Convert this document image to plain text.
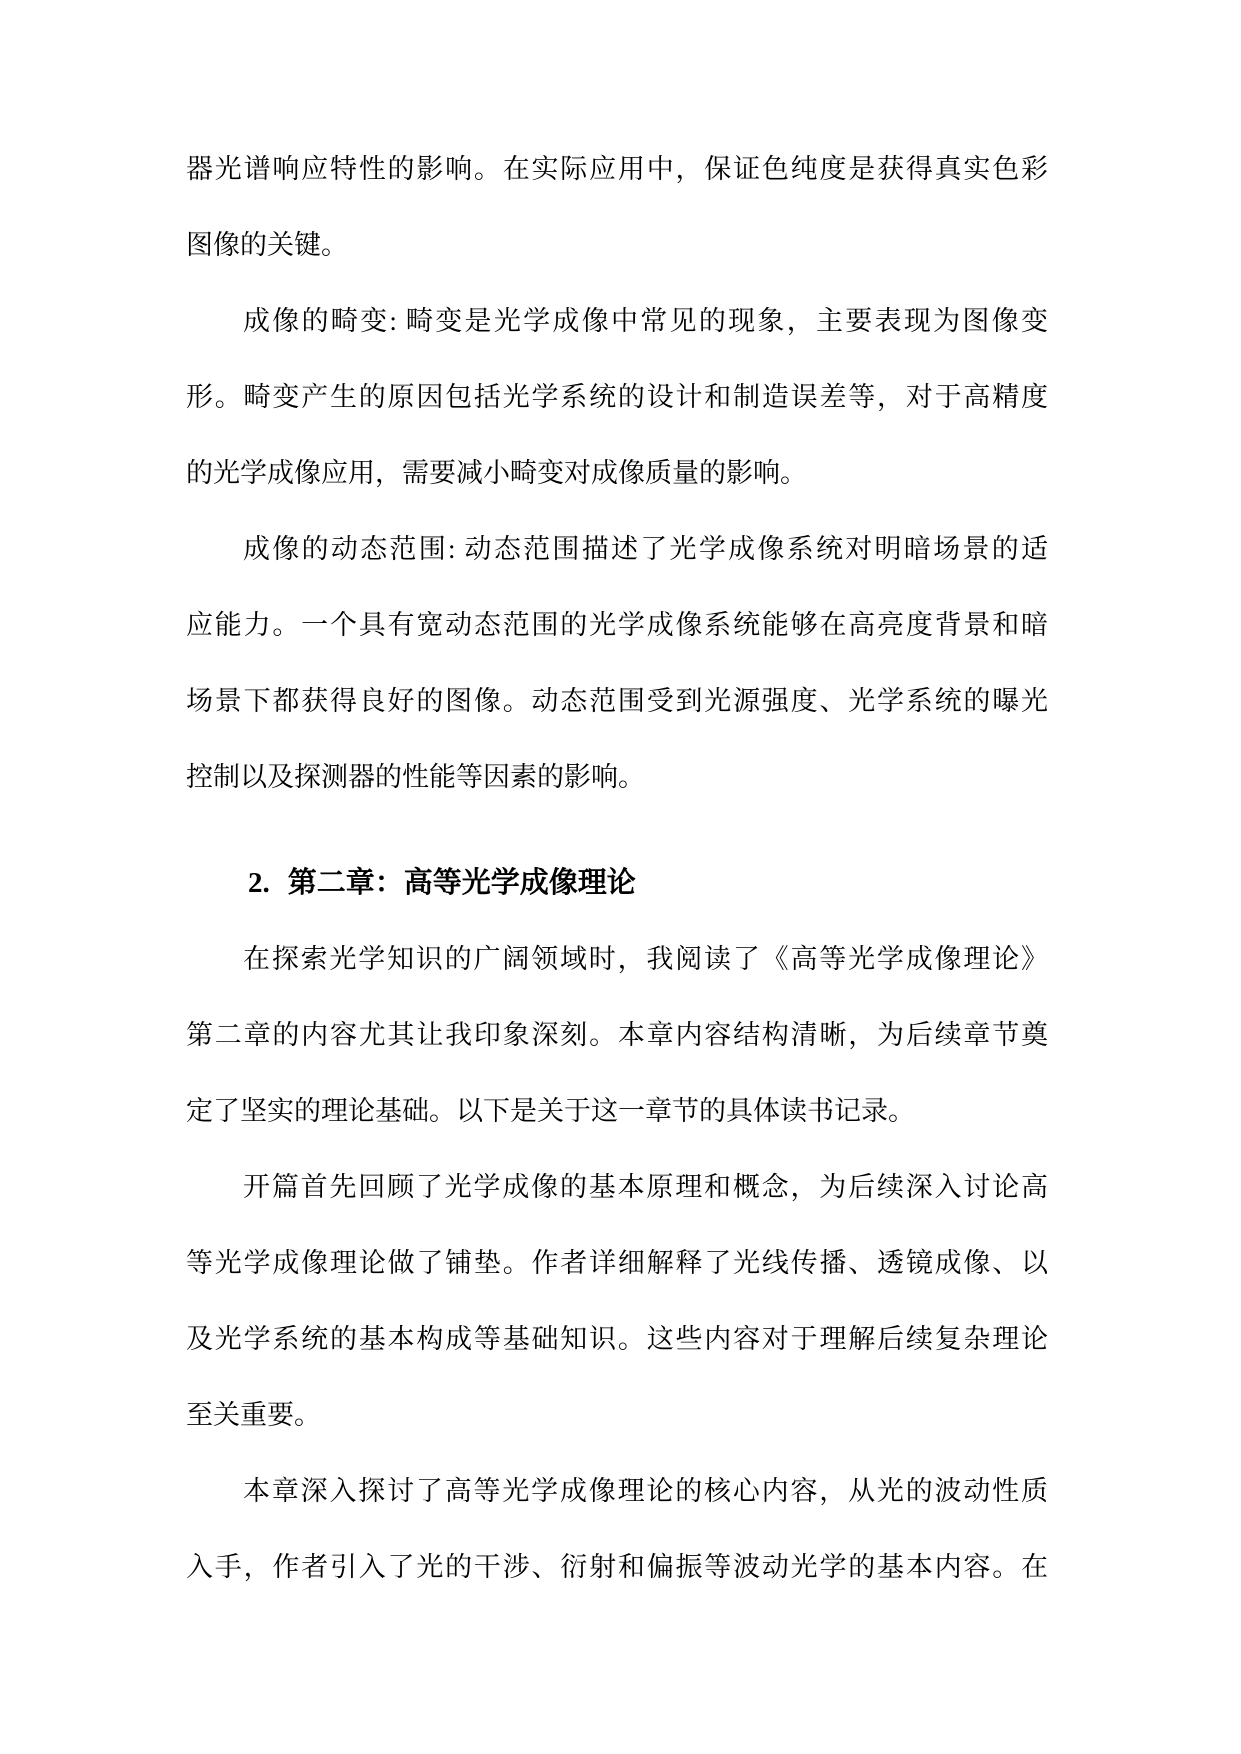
器光谱响应特性的影响。在实际应用中，保证色纯度是获得真实色彩
图像的关键。
成像的畸变: 畸变是光学成像中常见的现象，主要表现为图像变
形。畸变产生的原因包括光学系统的设计和制造误差等，对于高精度
的光学成像应用，需要减小畸变对成像质量的影响。
成像的动态范围: 动态范围描述了光学成像系统对明暗场景的适
应能力。一个具有宽动态范围的光学成像系统能够在高亮度背景和暗
场景下都获得良好的图像。动态范围受到光源强度、光学系统的曝光
控制以及探测器的性能等因素的影响。
2. 第二章：高等光学成像理论
在探索光学知识的广阔领域时，我阅读了《高等光学成像理论》
第二章的内容尤其让我印象深刻。本章内容结构清晰，为后续章节奠
定了坚实的理论基础。以下是关于这一章节的具体读书记录。
开篇首先回顾了光学成像的基本原理和概念，为后续深入讨论高
等光学成像理论做了铺垫。作者详细解释了光线传播、透镜成像、以
及光学系统的基本构成等基础知识。这些内容对于理解后续复杂理论
至关重要。
本章深入探讨了高等光学成像理论的核心内容，从光的波动性质
入手，作者引入了光的干涉、衍射和偏振等波动光学的基本内容。在
